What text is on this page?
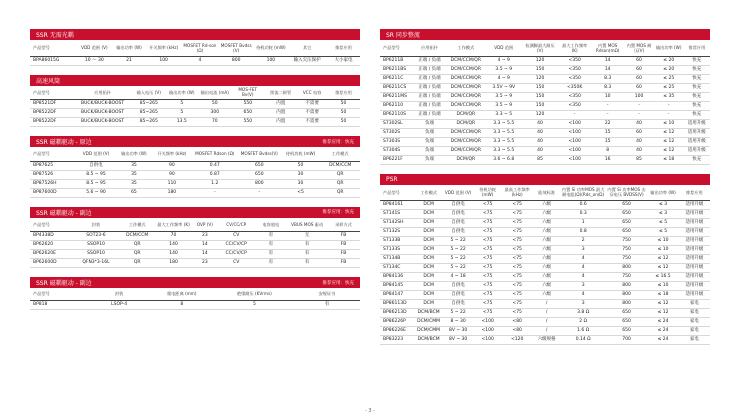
SSR 无需光耦
产品型号	VDD 范围 (V)	输出功率 (W)	开关频率 (kHz)	MOSFET Rd-son (Ω)	MOSFET Bvdss (V)	待机功耗 (mW)	其它	推荐应用
BPA86015G	10 ～ 30	21	100	4	800	100	输入欠压保护	大小家电
高速风筒
产品型号	应用拓扑	输入电压 (V)	输出功率 (W)	输出电流 (mA)	MOS-FET Bv(V)	续流二极管	VCC 电容	推荐应用
BP8521DF	BUCK/BUCK-BOOST	85~265	5	50	550	内置	不需要	50
BP8522DF	BUCK/BUCK-BOOST	85~265	5	300	650	内置	不需要	50
BP8522DF	BUCK/BUCK-BOOST	85~265	13.5	70	550	内置	不需要	50
SSR 磁耦驱动 - 原边	推荐应用：快充
产品型号	VDD 范围 (V)	输出功率 (W)	开关频率 (kHz)	MOSFET Rdson (Ω)	MOSFET Bvdss(V)	待机功耗 (mW)	工作模式
BP87625	自供电	35	90	0.47	650	50	DCM/CCM
BP87526	8.5 ~ 95	35	90	0.87	650	30	QR
BP87526H	8.5 ~ 95	35	110	1.2	800	30	QR
BP87600D	5.6 ~ 90	65	180	-	-	<5	QR
SSR 磁耦驱动 - 副边	推荐应用：快充
产品型号	封装	工作模式	最大工作频率 (K)	OVP (V)	CV/CC/CP	电容放电	VBUS MOS 驱动	采样方式
BP4338D	SOT23-6	DCM/CCM	70	23	CV	有	无	FB
BP62620	SSOP10	QR	140	14	CC/CV/CP	有	有	FB
BP62620E	SSOP10	QR	140	14	CC/CV/CP	有	有	FB
BP62600D	QFN3*3-16L	QR	180	23	CV	有	有	FB
SSR 磁耦驱动 - 副边	推荐应用：快充
产品型号	封装	爬电距离 (mm)	绝缘耐压 (KVrms)	安规证书
BP818	LSOP-4	8	5	有
SR 同步整流
产品型号	应用拓扑	工作模式	VDD 范围	检测脚最大耐压 (V)	最大工作频率 (K)	内置 MOS Rdson(mΩ)	内置 MOS 耐压(V)	输出功率 (W)	推荐应用
BP6211B	正端 / 负端	DCM/CCM/QR	4 ~ 9	120	<350	14	60	≤ 20	快充
BP6211BS	正端 / 负端	DCM/CCM/QR	3.5 ~ 9	150	<350	14	60	≤ 20	快充
BP6211C	正端 / 负端	DCM/CCM/QR	4 ~ 9	120	<350	8.3	60	≤ 25	快充
BP6211CS	正端 / 负端	DCM/CCM/QR	3.5V ~ 9V	150	<350K	8.3	60	≤ 25	快充
BP6211MS	正端 / 负端	DCM/CCM/QR	3.5 ~ 9	150	<350	10	100	≤ 35	快充
BP62110	正端 / 负端	DCM/CCM/QR	3.5 ~ 9	150	<350	-	-	-	快充
BP62110S	正端 / 负端	DCM/QR	3.3 ~ 5	120	-	-	-	-	快充
S7302SL	负端	DCM/QR	3.3 ~ 5.5	40	<100	22	40	≤ 10	适用升级
S7302S	负端	DCM/CCM/QR	3.3 ~ 5.5	40	<100	15	60	≤ 12	适用升级
S7303S	负端	DCM/CCM/QR	3.3 ~ 5.5	40	<100	15	40	≤ 12	适用升级
S7304S	负端	DCM/CCM/QR	3.3 ~ 5.5	40	<100	8	40	≤ 12	适用升级
BP6221F	负端	DCM/QR	3.6 ~ 6.8	85	<100	16	85	≤ 18	快充
PSR
产品型号	工作模式	VDD 范围 (V)	待机功耗 (mW)	最高工作频率 (kHz)	能效标准	内置 Si 功率MOS 最大耐电阻(Ω)(Rds_on/Ω)	内置 Si 功率MOS 击穿电压 BVDSS(V)	输出功率 (W)	推荐应用
BP84161	DCM	自供电	<75	<75	六级	0.6	650	≤ 3	适用升级
S7141S	DCM	自供电	<75	<75	六级	0.3	650	≤ 3	适用升级
S7142SH	DCM	自供电	<75	<75	六级	1	650	≤ 5	适用升级
S7132S	DCM	自供电	<75	<75	六级	0.8	650	≤ 5	适用升级
S7133B	DCM	5 ~ 22	<75	<75	六级	2	750	≤ 10	适用升级
S7133S	DCM	5 ~ 22	<75	<75	六级	3	750	≤ 10	适用升级
S7134B	DCM	5 ~ 22	<75	<75	六级	4	750	≤ 12	适用升级
S7134C	DCM	5 ~ 22	<75	<75	六级	4	800	≤ 12	适用升级
BP84136	DCM	4 ~ 18	<75	<75	六级	4	750	≤ 16.5	适用升级
BP84145	DCM	自供电	<75	<75	六级	3	800	≤ 10	适用升级
BP84147	DCM	自供电	<75	<75	六级	4	800	≤ 18	适用升级
BP86113D	DCM	自供电	<75	<75	/	3	800	≤ 12	家电
BP86213D	DCM/BCM	5 ~ 22	<75	<75	/	3.8 Ω	650	≤ 12	家电
BP86226P	DCM/CMM	8 ~ 30	<100	<80	/	2 Ω	650	≤ 24	家电
BP86226E	DCM/CMM	8V ~ 30	<100	<80	/	1.6 Ω	650	≤ 24	家电
BP83223	DCM/BCM	8V ~ 30	<100	<120	六级规格	0.14 Ω	700	≤ 24	家电
- 3 -
